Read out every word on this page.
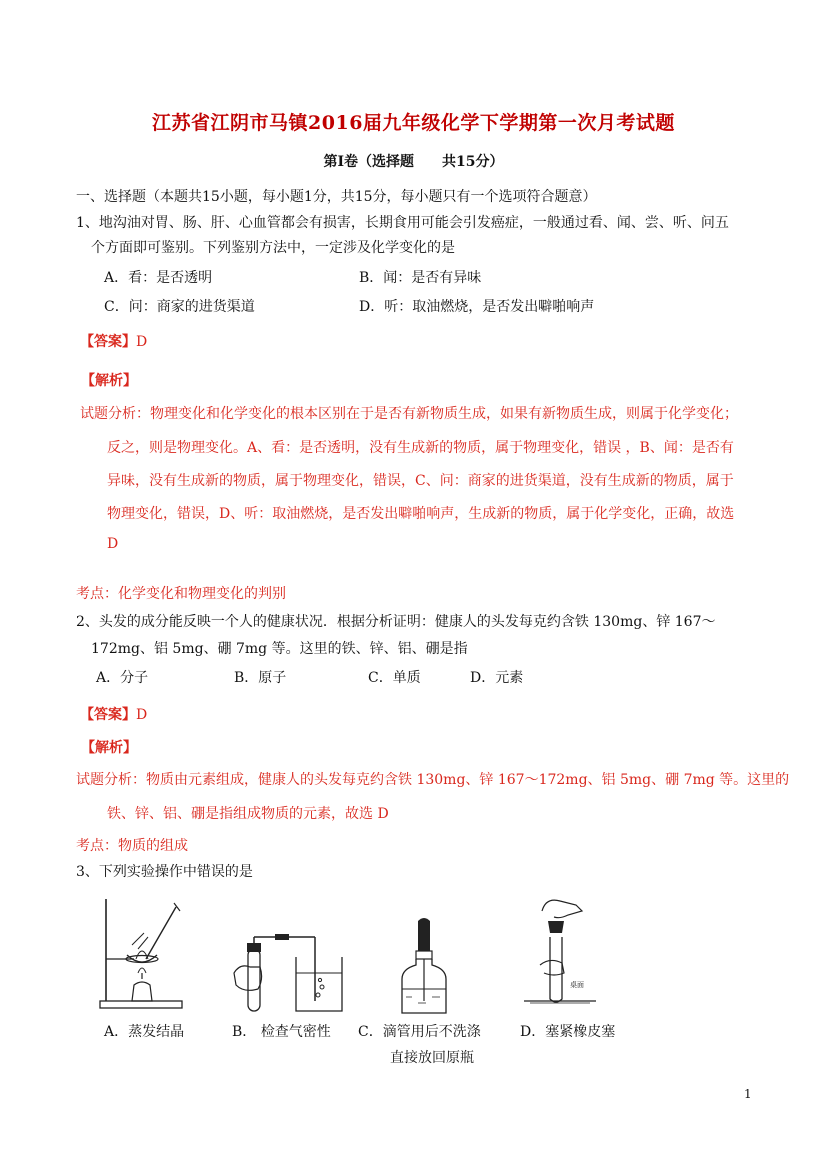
江苏省江阴市马镇2016届九年级化学下学期第一次月考试题
第Ⅰ卷（选择题　　共15分）
一、选择题（本题共15小题，每小题1分，共15分，每小题只有一个选项符合题意）
1、地沟油对胃、肠、肝、心血管都会有损害，长期食用可能会引发癌症，一般通过看、闻、尝、听、问五
个方面即可鉴别。下列鉴别方法中，一定涉及化学变化的是
A．看：是否透明	B．闻：是否有异味
C．问：商家的进货渠道	D．听：取油燃烧，是否发出噼啪响声
【答案】D
【解析】
试题分析：物理变化和化学变化的根本区别在于是否有新物质生成，如果有新物质生成，则属于化学变化；
反之，则是物理变化。A、看：是否透明，没有生成新的物质，属于物理变化，错误 ，B、闻：是否有
异味，没有生成新的物质，属于物理变化，错误，C、问：商家的进货渠道，没有生成新的物质，属于
物理变化，错误，D、听：取油燃烧，是否发出噼啪响声，生成新的物质，属于化学变化，正确，故选
D
考点：化学变化和物理变化的判别
2、头发的成分能反映一个人的健康状况．根据分析证明：健康人的头发每克约含铁 130mg、锌 167～
172mg、铝 5mg、硼 7mg 等。这里的铁、锌、铝、硼是指
A．分子	B．原子	C．单质	D．元素
【答案】D
【解析】
试题分析：物质由元素组成，健康人的头发每克约含铁 130mg、锌 167～172mg、铝 5mg、硼 7mg 等。这里的
铁、锌、铝、硼是指组成物质的元素，故选 D
考点：物质的组成
3、下列实验操作中错误的是
桌面
A．蒸发结晶	B． 检查气密性 C．滴管用后不洗涤
直接放回原瓶
D．塞紧橡皮塞
1
